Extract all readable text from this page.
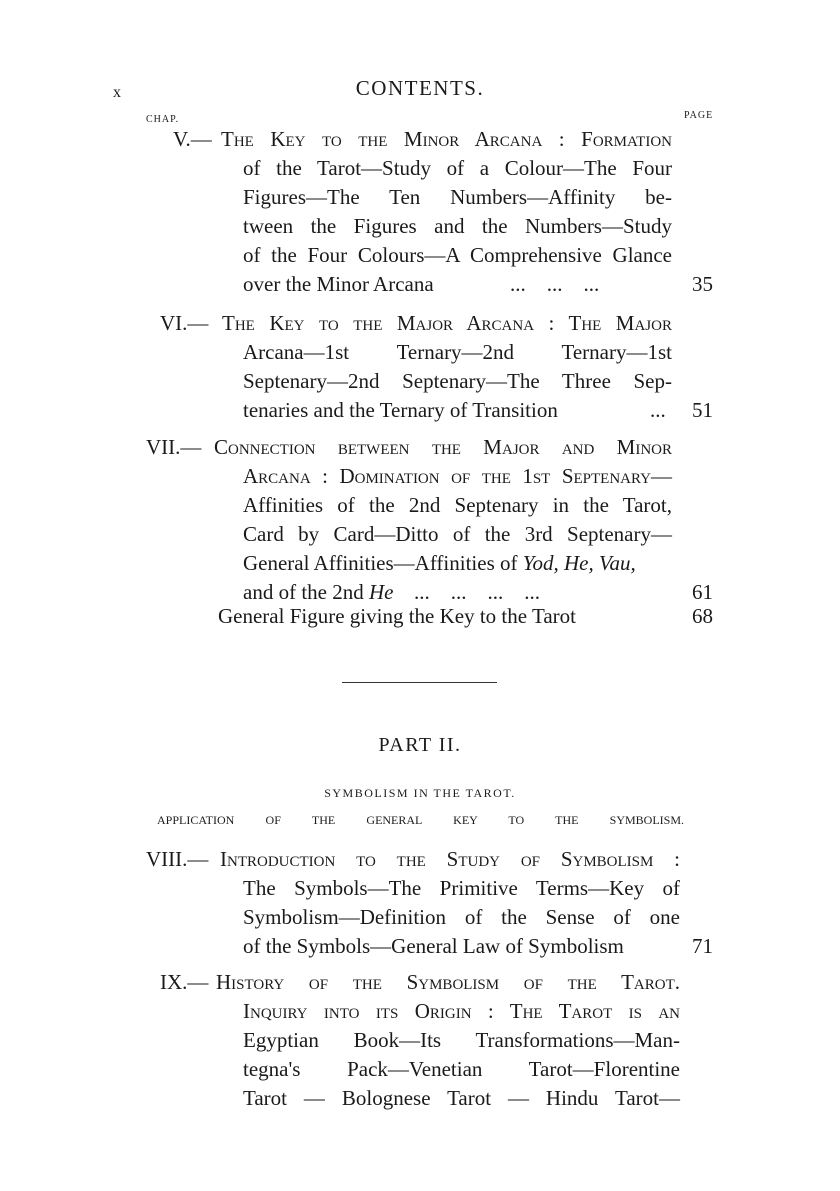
x	CONTENTS.
CHAP.	PAGE
V.— The Key to the Minor Arcana : Formation
of the Tarot—Study of a Colour—The Four
Figures—The Ten Numbers—Affinity be-
tween the Figures and the Numbers—Study
of the Four Colours—A Comprehensive Glance
over the Minor Arcana	...    ...    ...	35
VI.— The Key to the Major Arcana : The Major
Arcana—1st Ternary—2nd Ternary—1st
Septenary—2nd Septenary—The Three Sep-
tenaries and the Ternary of Transition	...	51
VII.— Connection between the Major and Minor
Arcana : Domination of the 1st Septenary—
Affinities of the 2nd Septenary in the Tarot,
Card by Card—Ditto of the 3rd Septenary—
General Affinities—Affinities of Yod, He, Vau,
and of the 2nd He ...    ...    ...    ...	61
General Figure giving the Key to the Tarot	68
PART II.
SYMBOLISM IN THE TAROT.
APPLICATION OF THE GENERAL KEY TO THE SYMBOLISM.
VIII.— Introduction to the Study of Symbolism :
The Symbols—The Primitive Terms—Key of
Symbolism—Definition of the Sense of one
of the Symbols—General Law of Symbolism	71
IX.— History of the Symbolism of the Tarot.
Inquiry into its Origin : The Tarot is an
Egyptian Book—Its Transformations—Man-
tegna's Pack—Venetian Tarot—Florentine
Tarot — Bolognese Tarot — Hindu Tarot—
